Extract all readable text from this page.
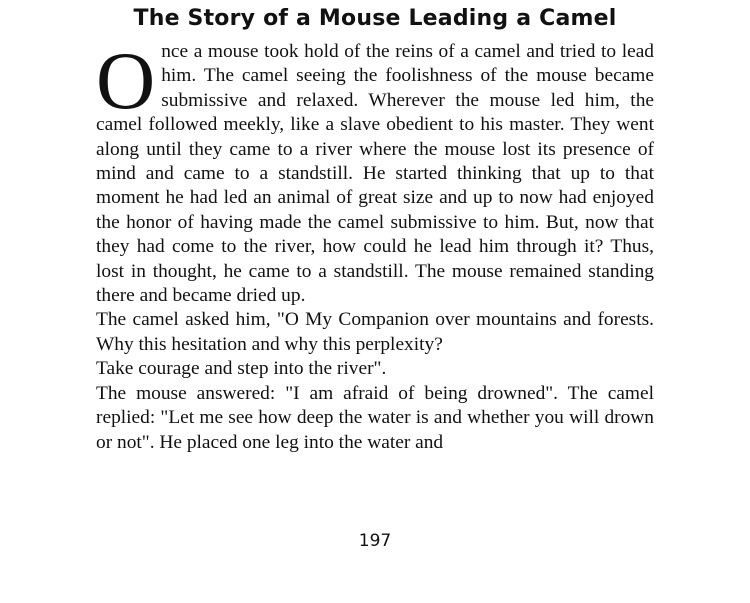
The Story of a Mouse Leading a Camel

Once a mouse took hold of the reins of a camel and tried to lead him. The camel seeing the foolishness of the mouse became submissive and relaxed. Wherever the mouse led him, the camel followed meekly, like a slave obedient to his master. They went along until they came to a river where the mouse lost its presence of mind and came to a standstill. He started thinking that up to that moment he had led an animal of great size and up to now had enjoyed the honor of having made the camel submissive to him. But, now that they had come to the river, how could he lead him through it? Thus, lost in thought, he came to a standstill. The mouse remained standing there and became dried up.

The camel asked him, "O My Companion over mountains and forests. Why this hesitation and why this perplexity?

Take courage and step into the river".

The mouse answered: "I am afraid of being drowned". The camel replied: "Let me see how deep the water is and whether you will drown or not". He placed one leg into the water and

197
